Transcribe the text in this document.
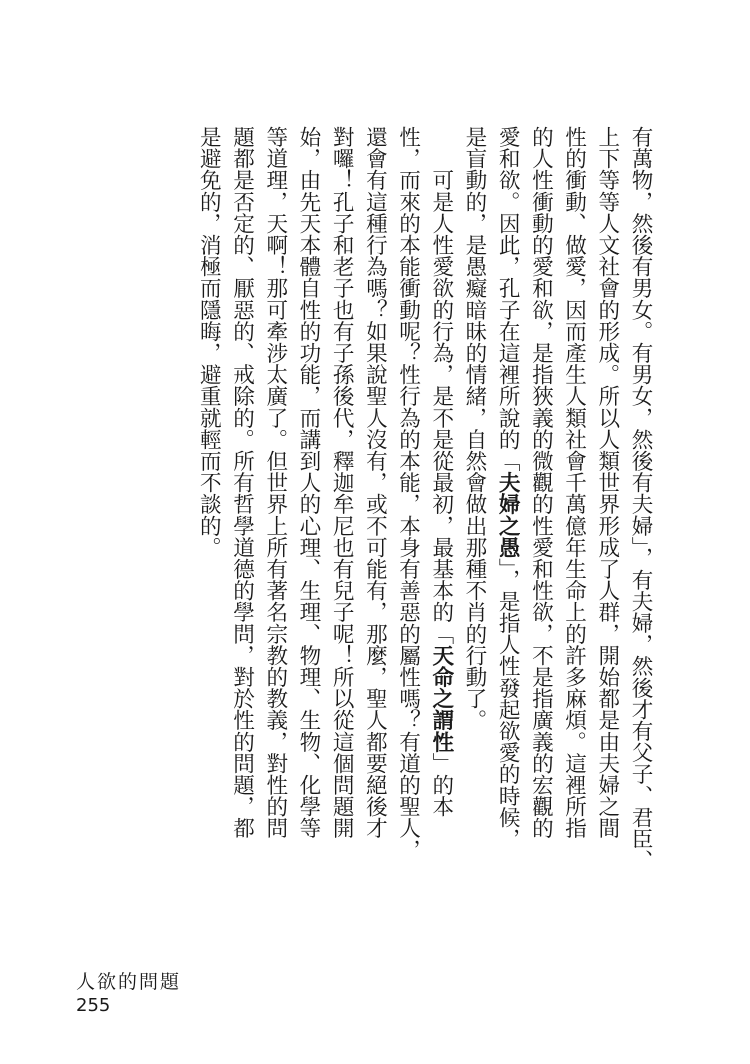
有萬物，然後有男女。有男女，然後有夫婦」，有夫婦，然後才有父子、君臣、
上下等等人文社會的形成。所以人類世界形成了人群，開始都是由夫婦之間
性的衝動、做愛，因而產生人類社會千萬億年生命上的許多麻煩。這裡所指
的人性衝動的愛和欲，是指狹義的微觀的性愛和性欲，不是指廣義的宏觀的
愛和欲。因此，孔子在這裡所說的「夫婦之愚」，是指人性發起欲愛的時候，
是盲動的，是愚癡暗昧的情緒，自然會做出那種不肖的行動了。
　　可是人性愛欲的行為，是不是從最初，最基本的「天命之謂性」的本
性，而來的本能衝動呢？性行為的本能，本身有善惡的屬性嗎？有道的聖人，
還會有這種行為嗎？如果說聖人沒有，或不可能有，那麼，聖人都要絕後才
對囉！孔子和老子也有子孫後代，釋迦牟尼也有兒子呢！所以從這個問題開
始，由先天本體自性的功能，而講到人的心理、生理、物理、生物、化學等
等道理，天啊！那可牽涉太廣了。但世界上所有著名宗教的教義，對性的問
題都是否定的、厭惡的、戒除的。所有哲學道德的學問，對於性的問題，都
是避免的，消極而隱晦，避重就輕而不談的。
人欲的問題
255
